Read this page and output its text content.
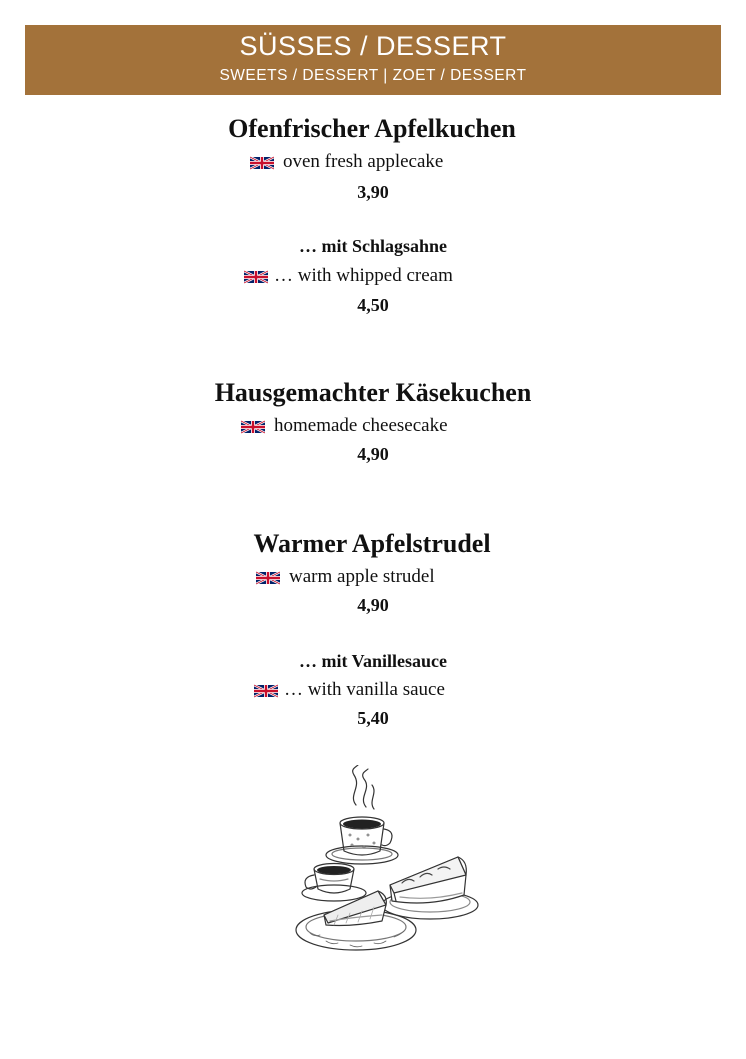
SÜSSES / DESSERT
SWEETS / DESSERT | ZOET / DESSERT
Ofenfrischer Apfelkuchen
oven fresh applecake
3,90
… mit Schlagsahne
… with whipped cream
4,50
Hausgemachter Käsekuchen
homemade cheesecake
4,90
Warmer Apfelstrudel
warm apple strudel
4,90
… mit Vanillesauce
… with vanilla sauce
5,40
